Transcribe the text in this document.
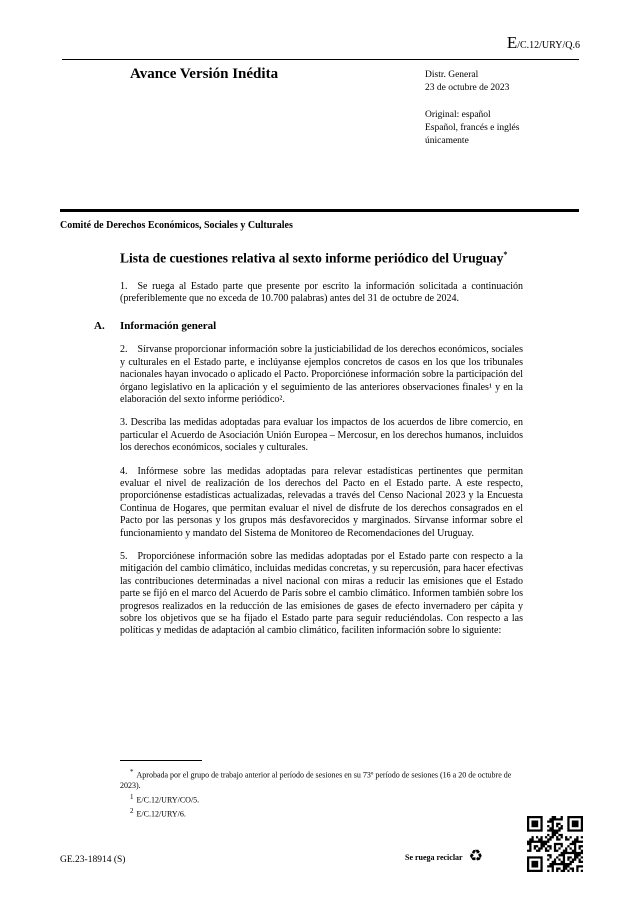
E/C.12/URY/Q.6
Avance Versión Inédita	Distr. General
23 de octubre de 2023
Original: español
Español, francés e inglés
únicamente
Comité de Derechos Económicos, Sociales y Culturales
Lista de cuestiones relativa al sexto informe periódico del Uruguay*

1. Se ruega al Estado parte que presente por escrito la información solicitada a continuación (preferiblemente que no exceda de 10.700 palabras) antes del 31 de octubre de 2024.

A. Información general

2. Sírvanse proporcionar información sobre la justiciabilidad de los derechos económicos, sociales y culturales en el Estado parte, e inclúyanse ejemplos concretos de casos en los que los tribunales nacionales hayan invocado o aplicado el Pacto. Proporciónese información sobre la participación del órgano legislativo en la aplicación y el seguimiento de las anteriores observaciones finales¹ y en la elaboración del sexto informe periódico².

3. Describa las medidas adoptadas para evaluar los impactos de los acuerdos de libre comercio, en particular el Acuerdo de Asociación Unión Europea – Mercosur, en los derechos humanos, incluidos los derechos económicos, sociales y culturales.

4. Infórmese sobre las medidas adoptadas para relevar estadísticas pertinentes que permitan evaluar el nivel de realización de los derechos del Pacto en el Estado parte. A este respecto, proporciónense estadísticas actualizadas, relevadas a través del Censo Nacional 2023 y la Encuesta Continua de Hogares, que permitan evaluar el nivel de disfrute de los derechos consagrados en el Pacto por las personas y los grupos más desfavorecidos y marginados. Sírvanse informar sobre el funcionamiento y mandato del Sistema de Monitoreo de Recomendaciones del Uruguay.

5. Proporciónese información sobre las medidas adoptadas por el Estado parte con respecto a la mitigación del cambio climático, incluidas medidas concretas, y su repercusión, para hacer efectivas las contribuciones determinadas a nivel nacional con miras a reducir las emisiones que el Estado parte se fijó en el marco del Acuerdo de París sobre el cambio climático. Informen también sobre los progresos realizados en la reducción de las emisiones de gases de efecto invernadero per cápita y sobre los objetivos que se ha fijado el Estado parte para seguir reduciéndolas. Con respecto a las políticas y medidas de adaptación al cambio climático, faciliten información sobre lo siguiente:

* Aprobada por el grupo de trabajo anterior al período de sesiones en su 73º período de sesiones (16 a 20 de octubre de 2023).
$^1$ E/C.12/URY/CO/5.
$^2$ E/C.12/URY/6.
GE.23-18914 (S)	Se ruega reciclar ♻
